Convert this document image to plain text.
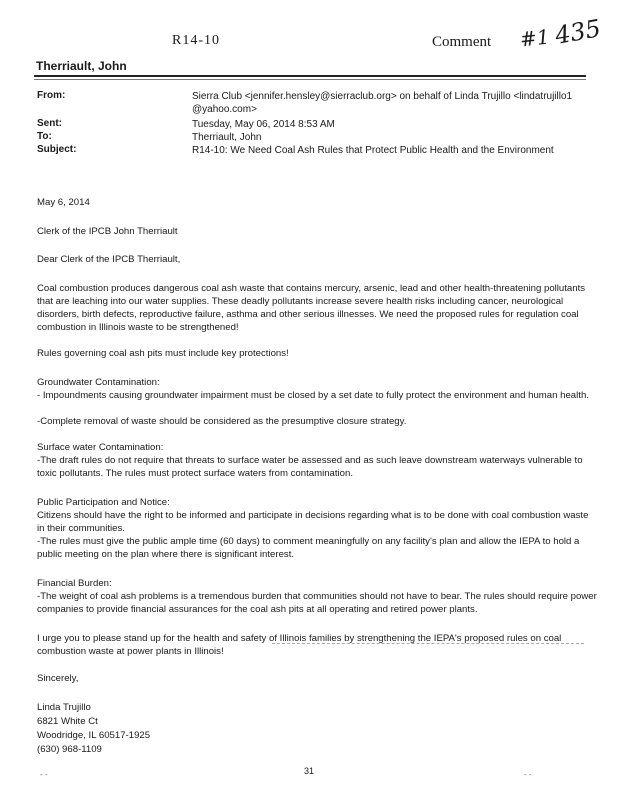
R14-10	Comment #1 435
Therriault, John
From:	Sierra Club <jennifer.hensley@sierraclub.org> on behalf of Linda Trujillo <lindatrujillo1 @yahoo.com>
Sent:	Tuesday, May 06, 2014 8:53 AM
To:	Therriault, John
Subject:	R14-10: We Need Coal Ash Rules that Protect Public Health and the Environment
May 6, 2014
Clerk of the IPCB John Therriault
Dear Clerk of the IPCB Therriault,
Coal combustion produces dangerous coal ash waste that contains mercury, arsenic, lead and other health-threatening pollutants that are leaching into our water supplies. These deadly pollutants increase severe health risks including cancer, neurological disorders, birth defects, reproductive failure, asthma and other serious illnesses. We need the proposed rules for regulation coal combustion in Illinois waste to be strengthened!
Rules governing coal ash pits must include key protections!
Groundwater Contamination:
- Impoundments causing groundwater impairment must be closed by a set date to fully protect the environment and human health.
-Complete removal of waste should be considered as the presumptive closure strategy.
Surface water Contamination:
-The draft rules do not require that threats to surface water be assessed and as such leave downstream waterways vulnerable to toxic pollutants. The rules must protect surface waters from contamination.
Public Participation and Notice:
Citizens should have the right to be informed and participate in decisions regarding what is to be done with coal combustion waste in their communities.
-The rules must give the public ample time (60 days) to comment meaningfully on any facility's plan and allow the IEPA to hold a public meeting on the plan where there is significant interest.
Financial Burden:
-The weight of coal ash problems is a tremendous burden that communities should not have to bear. The rules should require power companies to provide financial assurances for the coal ash pits at all operating and retired power plants.
I urge you to please stand up for the health and safety of Illinois families by strengthening the IEPA's proposed rules on coal combustion waste at power plants in Illinois!
Sincerely,
Linda Trujillo
6821 White Ct
Woodridge, IL 60517-1925
(630) 968-1109
- -	31	- -
